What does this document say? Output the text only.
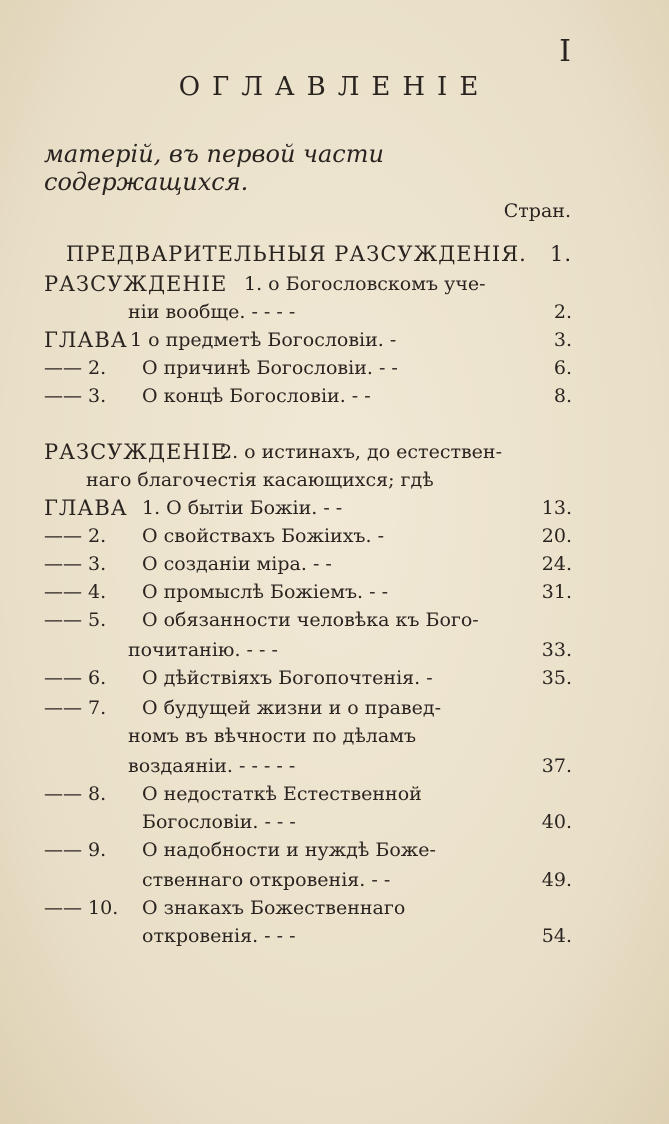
I
ОГЛАВЛЕНІЕ
матерій, въ первой части содержащихся.
Стран.
ПРЕДВАРИТЕЛЬНЫЯ РАЗСУЖДЕНІЯ. 1.
РАЗСУЖДЕНІЕ 1. о Богословскомъ уче-
ніи вообще. - - - -	2.
ГЛАВА 1 о предметѣ Богословіи. -	3.
—— 2. О причинѣ Богословіи. - -	6.
—— 3. О концѣ Богословіи. - -	8.
РАЗСУЖДЕНІЕ
2. о истинахъ, до естествен-
наго благочестія касающихся; гдѣ
ГЛАВА 1. О бытіи Божіи. - -	13.
—— 2. О свойствахъ Божіихъ. -	20.
—— 3. О созданіи міра. - -	24.
—— 4. О промыслѣ Божіемъ. - -	31.
—— 5. О обязанности человѣка къ Бого-
почитанію. - - -	33.
—— 6. О дѣйствіяхъ Богопочтенія. -	35.
—— 7. О будущей жизни и о правед-
номъ въ вѣчности по дѣламъ
воздаяніи. - - - - -	37.
—— 8. О недостаткѣ Естественной
Богословіи. - - -	40.
—— 9. О надобности и нуждѣ Боже-
ственнаго откровенія. - -	49.
—— 10. О знакахъ Божественнаго
откровенія. - - -	54.
